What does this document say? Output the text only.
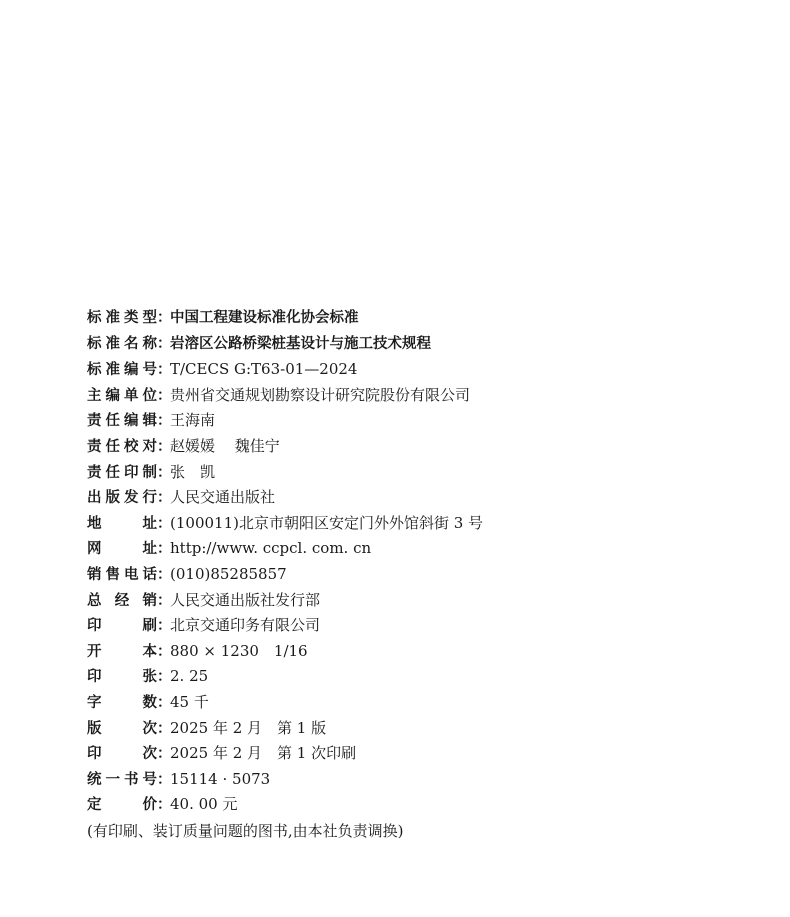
标准类型 ：
中国工程建设标准化协会标准
标准名称 ：
岩溶区公路桥梁桩基设计与施工技术规程
标准编号 ：
T/CECS G:T63-01—2024
主编单位 ：
贵州省交通规划勘察设计研究院股份有限公司
责任编辑 ：
王海南
责任校对 ：
赵媛媛　 魏佳宁
责任印制 ：
张　凯
出版发行 ：
人民交通出版社
地址 ：
(100011)北京市朝阳区安定门外外馆斜街 3 号
网址 ：
http://www. ccpcl. com. cn
销售电话 ：
(010)85285857
总经销 ：
人民交通出版社发行部
印刷 ：
北京交通印务有限公司
开本 ：
880 × 1230　1/16
印张 ：
2. 25
字数 ：
45 千
版次 ：
2025 年 2 月　第 1 版
印次 ：
2025 年 2 月　第 1 次印刷
统一书号 ：
15114 · 5073
定价 ：
40. 00 元
(有印刷、装订质量问题的图书,由本社负责调换)
